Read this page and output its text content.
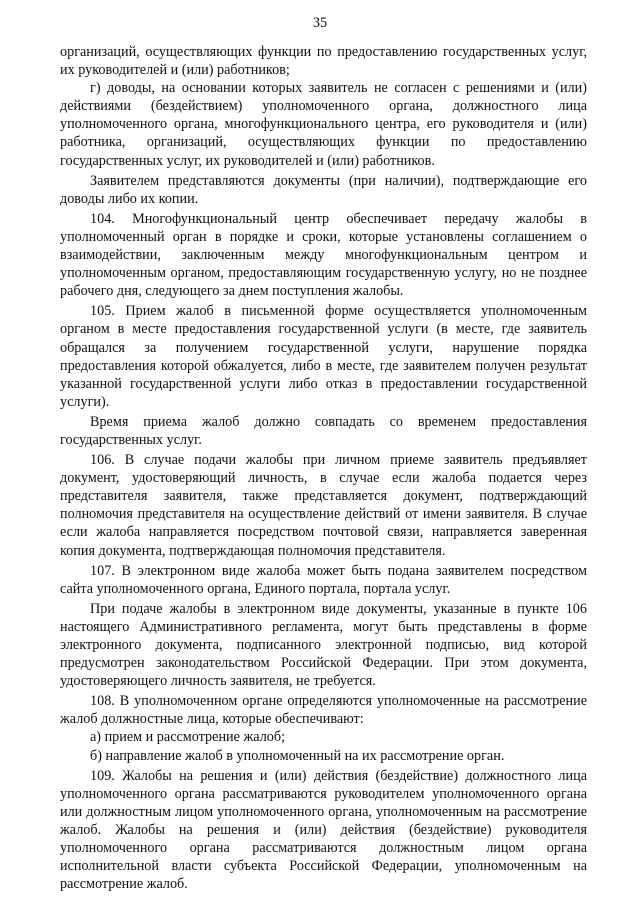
35

организаций, осуществляющих функции по предоставлению государственных услуг, их руководителей и (или) работников;

г) доводы, на основании которых заявитель не согласен с решениями и (или) действиями (бездействием) уполномоченного органа, должностного лица уполномоченного органа, многофункционального центра, его руководителя и (или) работника, организаций, осуществляющих функции по предоставлению государственных услуг, их руководителей и (или) работников.

Заявителем представляются документы (при наличии), подтверждающие его доводы либо их копии.

104. Многофункциональный центр обеспечивает передачу жалобы в уполномоченный орган в порядке и сроки, которые установлены соглашением о взаимодействии, заключенным между многофункциональным центром и уполномоченным органом, предоставляющим государственную услугу, но не позднее рабочего дня, следующего за днем поступления жалобы.

105. Прием жалоб в письменной форме осуществляется уполномоченным органом в месте предоставления государственной услуги (в месте, где заявитель обращался за получением государственной услуги, нарушение порядка предоставления которой обжалуется, либо в месте, где заявителем получен результат указанной государственной услуги либо отказ в предоставлении государственной услуги).

Время приема жалоб должно совпадать со временем предоставления государственных услуг.

106. В случае подачи жалобы при личном приеме заявитель предъявляет документ, удостоверяющий личность, в случае если жалоба подается через представителя заявителя, также представляется документ, подтверждающий полномочия представителя на осуществление действий от имени заявителя. В случае если жалоба направляется посредством почтовой связи, направляется заверенная копия документа, подтверждающая полномочия представителя.

107. В электронном виде жалоба может быть подана заявителем посредством сайта уполномоченного органа, Единого портала, портала услуг.

При подаче жалобы в электронном виде документы, указанные в пункте 106 настоящего Административного регламента, могут быть представлены в форме электронного документа, подписанного электронной подписью, вид которой предусмотрен законодательством Российской Федерации. При этом документа, удостоверяющего личность заявителя, не требуется.

108. В уполномоченном органе определяются уполномоченные на рассмотрение жалоб должностные лица, которые обеспечивают:

а) прием и рассмотрение жалоб;

б) направление жалоб в уполномоченный на их рассмотрение орган.

109. Жалобы на решения и (или) действия (бездействие) должностного лица уполномоченного органа рассматриваются руководителем уполномоченного органа или должностным лицом уполномоченного органа, уполномоченным на рассмотрение жалоб. Жалобы на решения и (или) действия (бездействие) руководителя уполномоченного органа рассматриваются должностным лицом органа исполнительной власти субъекта Российской Федерации, уполномоченным на рассмотрение жалоб.
